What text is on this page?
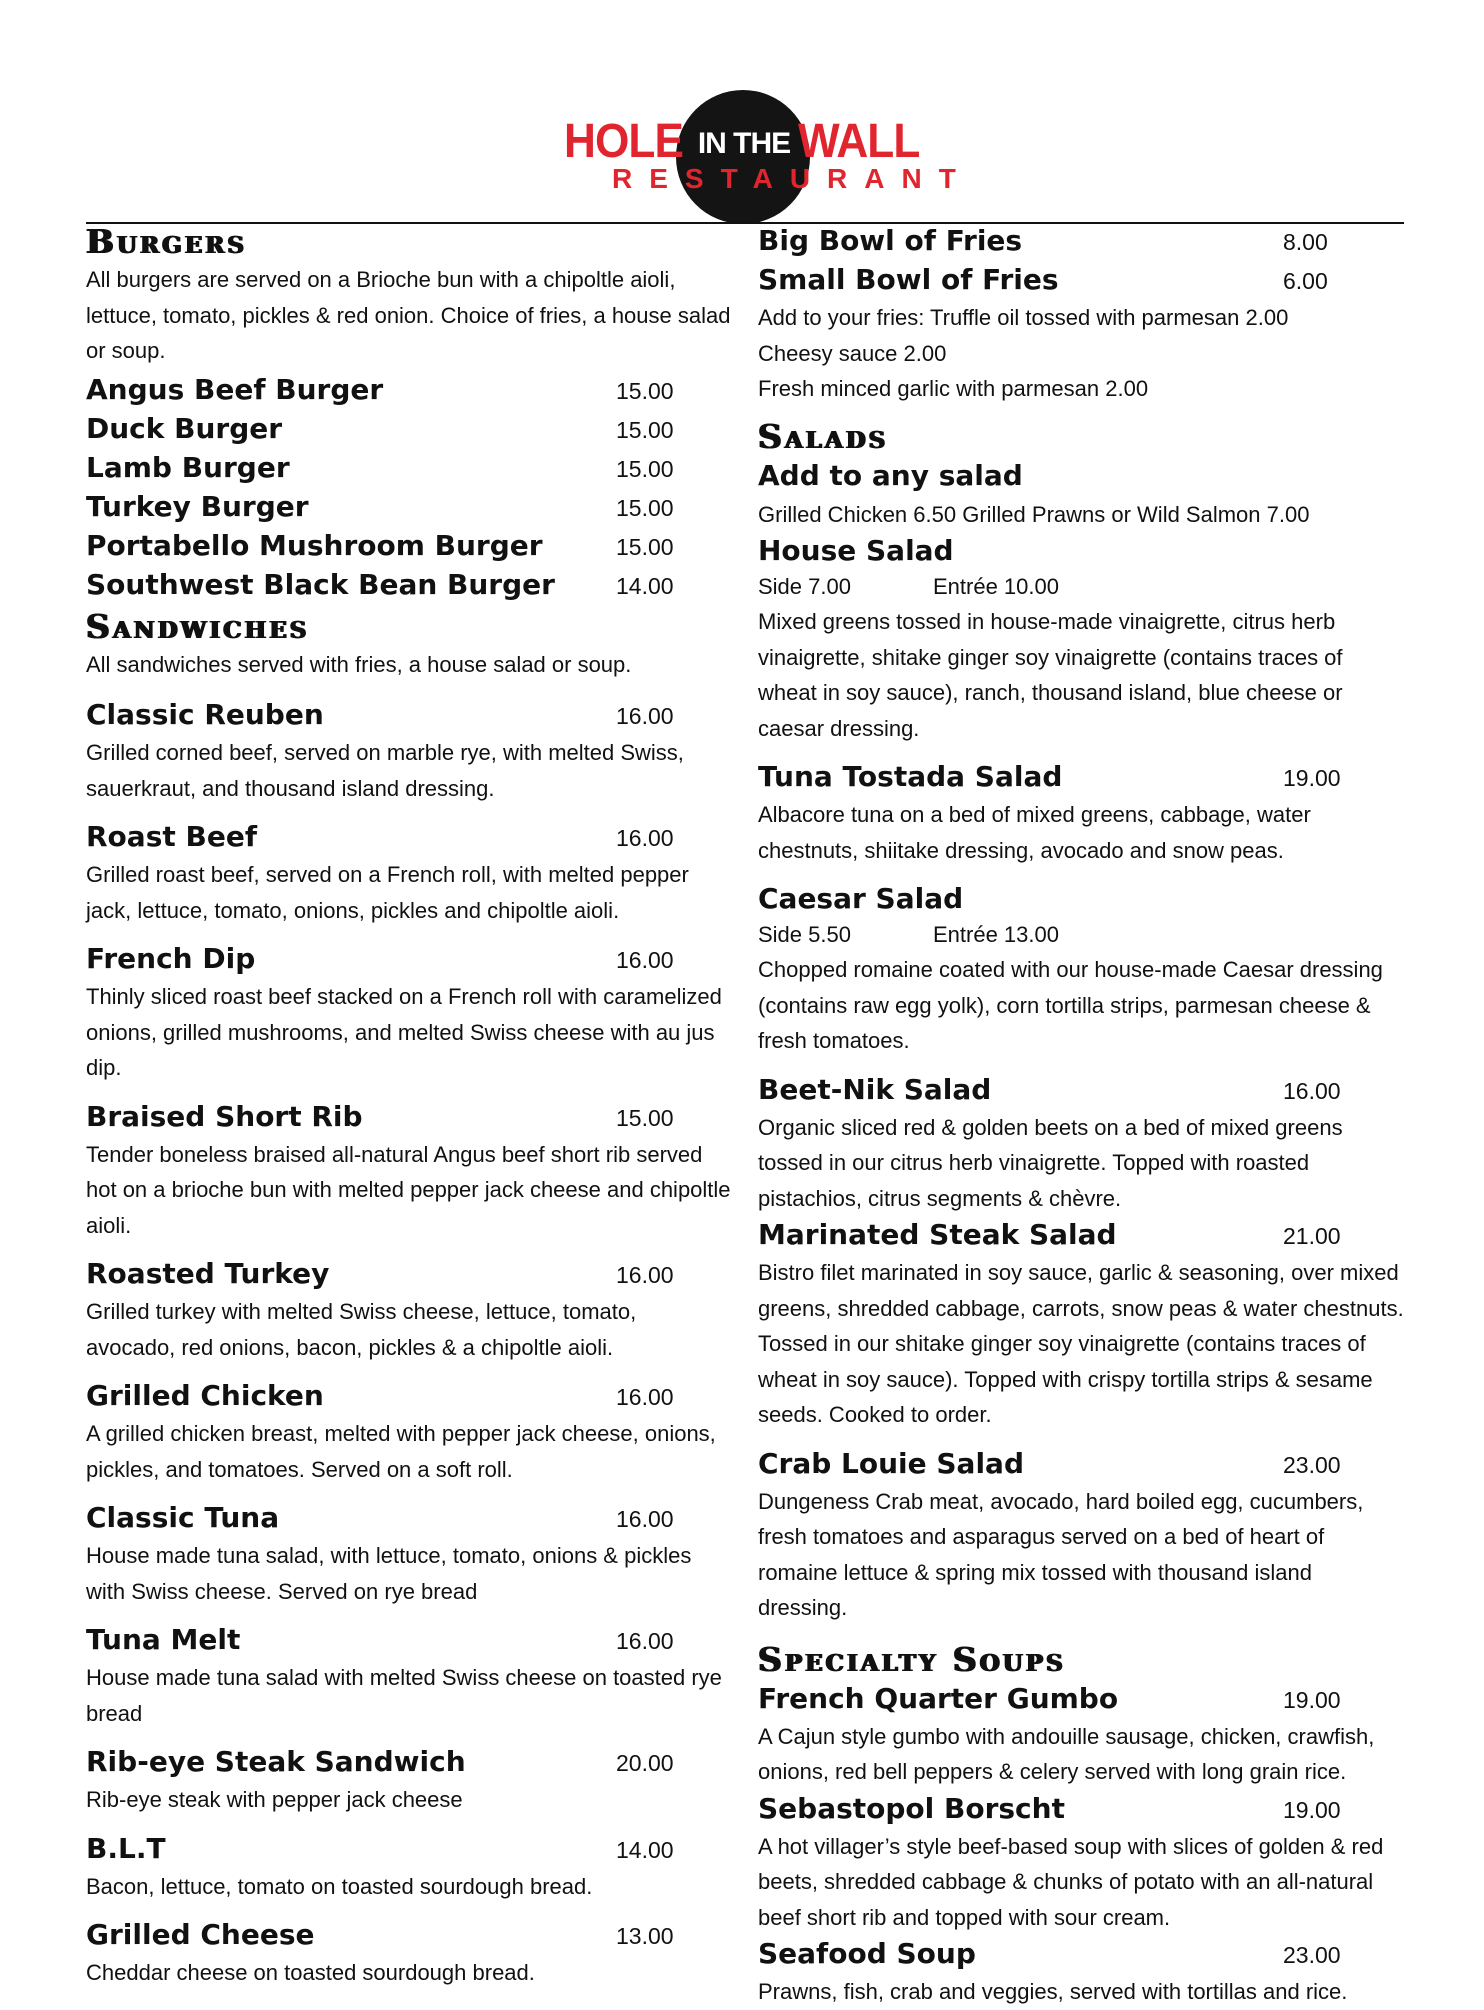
HOLE IN THE WALL
RESTAURANT
Burgers

All burgers are served on a Brioche bun with a chipoltle aioli, lettuce, tomato, pickles & red onion. Choice of fries, a house salad or soup.

Angus Beef Burger	15.00
Duck Burger	15.00
Lamb Burger	15.00
Turkey Burger	15.00
Portabello Mushroom Burger	15.00
Southwest Black Bean Burger	14.00
Sandwiches

All sandwiches served with fries, a house salad or soup.

Classic Reuben	16.00

Grilled corned beef, served on marble rye, with melted Swiss, sauerkraut, and thousand island dressing.

Roast Beef	16.00

Grilled roast beef, served on a French roll, with melted pepper jack, lettuce, tomato, onions, pickles and chipoltle aioli.

French Dip	16.00

Thinly sliced roast beef stacked on a French roll with caramelized onions, grilled mushrooms, and melted Swiss cheese with au jus dip.

Braised Short Rib	15.00

Tender boneless braised all-natural Angus beef short rib served hot on a brioche bun with melted pepper jack cheese and chipoltle aioli.

Roasted Turkey	16.00

Grilled turkey with melted Swiss cheese, lettuce, tomato, avocado, red onions, bacon, pickles & a chipoltle aioli.

Grilled Chicken	16.00

A grilled chicken breast, melted with pepper jack cheese, onions, pickles, and tomatoes. Served on a soft roll.

Classic Tuna	16.00

House made tuna salad, with lettuce, tomato, onions & pickles with Swiss cheese. Served on rye bread

Tuna Melt	16.00

House made tuna salad with melted Swiss cheese on toasted rye bread

Rib-eye Steak Sandwich	20.00

Rib-eye steak with pepper jack cheese

B.L.T	14.00

Bacon, lettuce, tomato on toasted sourdough bread.

Grilled Cheese	13.00

Cheddar cheese on toasted sourdough bread.

Big Bowl of Fries	8.00
Small Bowl of Fries	6.00

Add to your fries: Truffle oil tossed with parmesan 2.00

Cheesy sauce 2.00

Fresh minced garlic with parmesan 2.00

Salads
Add to any salad

Grilled Chicken 6.50 Grilled Prawns or Wild Salmon 7.00

House Salad
Side 7.00	Entrée 10.00

Mixed greens tossed in house-made vinaigrette, citrus herb vinaigrette, shitake ginger soy vinaigrette (contains traces of wheat in soy sauce), ranch, thousand island, blue cheese or caesar dressing.

Tuna Tostada Salad	19.00

Albacore tuna on a bed of mixed greens, cabbage, water chestnuts, shiitake dressing, avocado and snow peas.

Caesar Salad
Side 5.50	Entrée 13.00

Chopped romaine coated with our house-made Caesar dressing (contains raw egg yolk), corn tortilla strips, parmesan cheese & fresh tomatoes.

Beet-Nik Salad	16.00

Organic sliced red & golden beets on a bed of mixed greens tossed in our citrus herb vinaigrette. Topped with roasted pistachios, citrus segments & chèvre.

Marinated Steak Salad	21.00

Bistro filet marinated in soy sauce, garlic & seasoning, over mixed greens, shredded cabbage, carrots, snow peas & water chestnuts. Tossed in our shitake ginger soy vinaigrette (contains traces of wheat in soy sauce). Topped with crispy tortilla strips & sesame seeds. Cooked to order.

Crab Louie Salad	23.00

Dungeness Crab meat, avocado, hard boiled egg, cucumbers, fresh tomatoes and asparagus served on a bed of heart of romaine lettuce & spring mix tossed with thousand island dressing.

Specialty Soups
French Quarter Gumbo	19.00

A Cajun style gumbo with andouille sausage, chicken, crawfish, onions, red bell peppers & celery served with long grain rice.

Sebastopol Borscht	19.00

A hot villager’s style beef-based soup with slices of golden & red beets, shredded cabbage & chunks of potato with an all-natural beef short rib and topped with sour cream.

Seafood Soup	23.00

Prawns, fish, crab and veggies, served with tortillas and rice.
